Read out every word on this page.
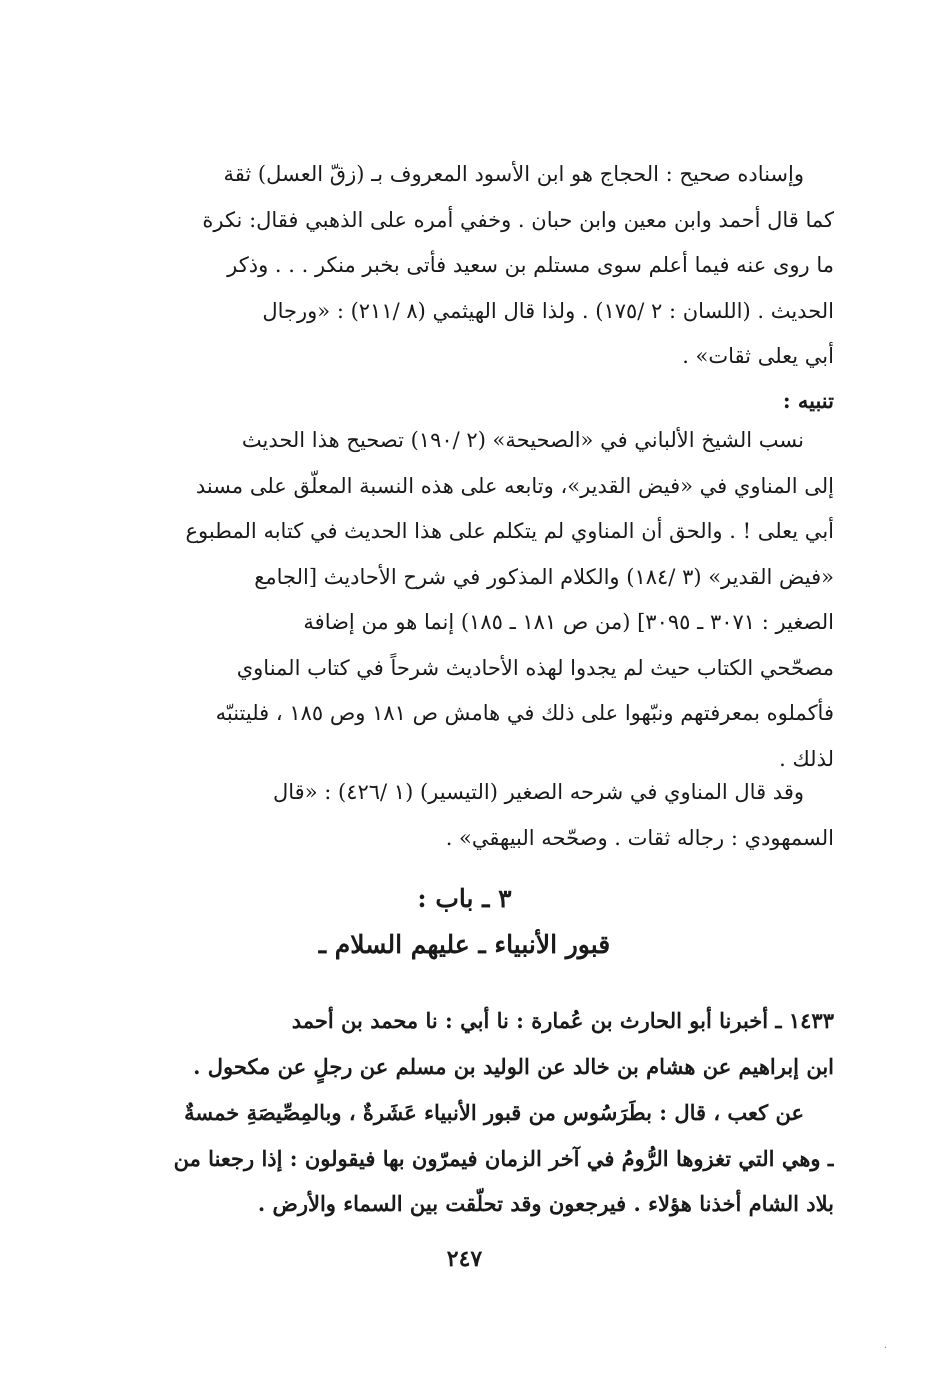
وإسناده صحيح : الحجاج هو ابن الأسود المعروف بـ (زقّ العسل) ثقة
كما قال أحمد وابن معين وابن حبان . وخفي أمره على الذهبي فقال: نكرة
ما روى عنه فيما أعلم سوى مستلم بن سعيد فأتى بخبر منكر . . . وذكر
الحديث . (اللسان : ٢ /١٧٥) . ولذا قال الهيثمي (٨ /٢١١) : «ورجال
أبي يعلى ثقات» .
تنبيه :
نسب الشيخ الألباني في «الصحيحة» (٢ /١٩٠) تصحيح هذا الحديث
إلى المناوي في «فيض القدير»، وتابعه على هذه النسبة المعلّق على مسند
أبي يعلى ! . والحق أن المناوي لم يتكلم على هذا الحديث في كتابه المطبوع
«فيض القدير» (٣ /١٨٤) والكلام المذكور في شرح الأحاديث [الجامع
الصغير : ٣٠٧١ ـ ٣٠٩٥] (من ص ١٨١ ـ ١٨٥) إنما هو من إضافة
مصحّحي الكتاب حيث لم يجدوا لهذه الأحاديث شرحاً في كتاب المناوي
فأكملوه بمعرفتهم ونبّهوا على ذلك في هامش ص ١٨١ وص ١٨٥ ، فليتنبّه
لذلك .
وقد قال المناوي في شرحه الصغير (التيسير) (١ /٤٢٦) : «قال
السمهودي : رجاله ثقات . وصحّحه البيهقي» .
٣ ـ باب :
قبور الأنبياء ـ عليهم السلام ـ
١٤٣٣ ـ أخبرنا أبو الحارث بن عُمارة : نا أبي : نا محمد بن أحمد
ابن إبراهيم عن هشام بن خالد عن الوليد بن مسلم عن رجلٍ عن مكحول .
عن كعب ، قال : بطَرَسُوس من قبور الأنبياء عَشَرةٌ ، وبالمِصِّيصَةِ خمسةٌ
ـ وهي التي تغزوها الرُّومُ في آخر الزمان فيمرّون بها فيقولون : إذا رجعنا من
بلاد الشام أخذنا هؤلاء . فيرجعون وقد تحلّقت بين السماء والأرض .
٢٤٧
.
